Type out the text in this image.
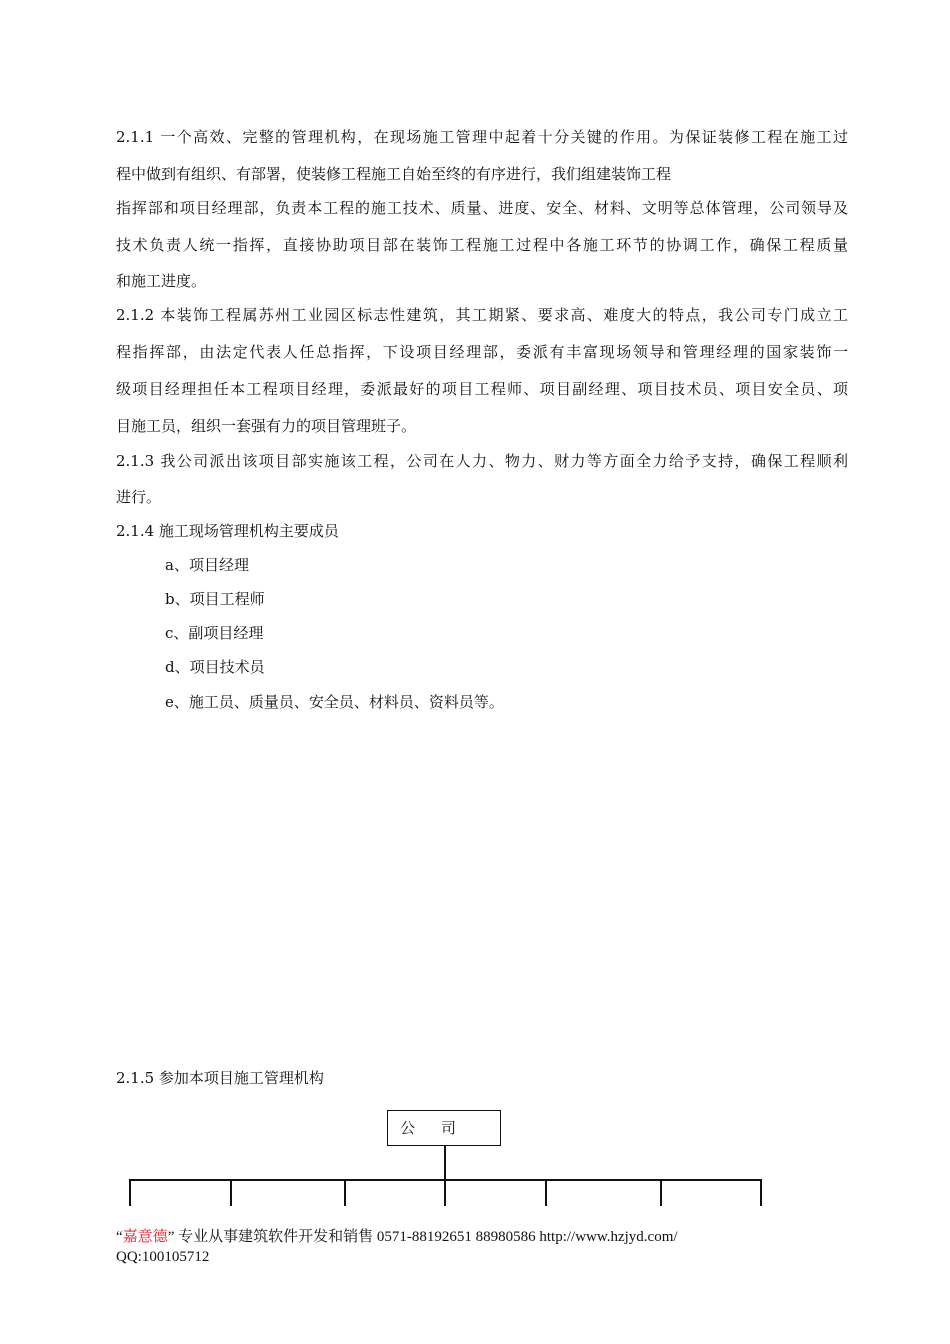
2.1.1 一个高效、完整的管理机构，在现场施工管理中起着十分关键的作用。为保证装修工程在施工过
程中做到有组织、有部署，使装修工程施工自始至终的有序进行，我们组建装饰工程
指挥部和项目经理部，负责本工程的施工技术、质量、进度、安全、材料、文明等总体管理，公司领导及
技术负责人统一指挥，直接协助项目部在装饰工程施工过程中各施工环节的协调工作，确保工程质量
和施工进度。
2.1.2 本装饰工程属苏州工业园区标志性建筑，其工期紧、要求高、难度大的特点，我公司专门成立工
程指挥部，由法定代表人任总指挥，下设项目经理部，委派有丰富现场领导和管理经理的国家装饰一
级项目经理担任本工程项目经理，委派最好的项目工程师、项目副经理、项目技术员、项目安全员、项
目施工员，组织一套强有力的项目管理班子。
2.1.3 我公司派出该项目部实施该工程，公司在人力、物力、财力等方面全力给予支持，确保工程顺利
进行。
2.1.4 施工现场管理机构主要成员
a、项目经理
b、项目工程师
c、副项目经理
d、项目技术员
e、施工员、质量员、安全员、材料员、资料员等。
2.1.5 参加本项目施工管理机构
公司
“嘉意德” 专业从事建筑软件开发和销售 0571-88192651 88980586 http://www.hzjyd.com/
QQ:100105712
